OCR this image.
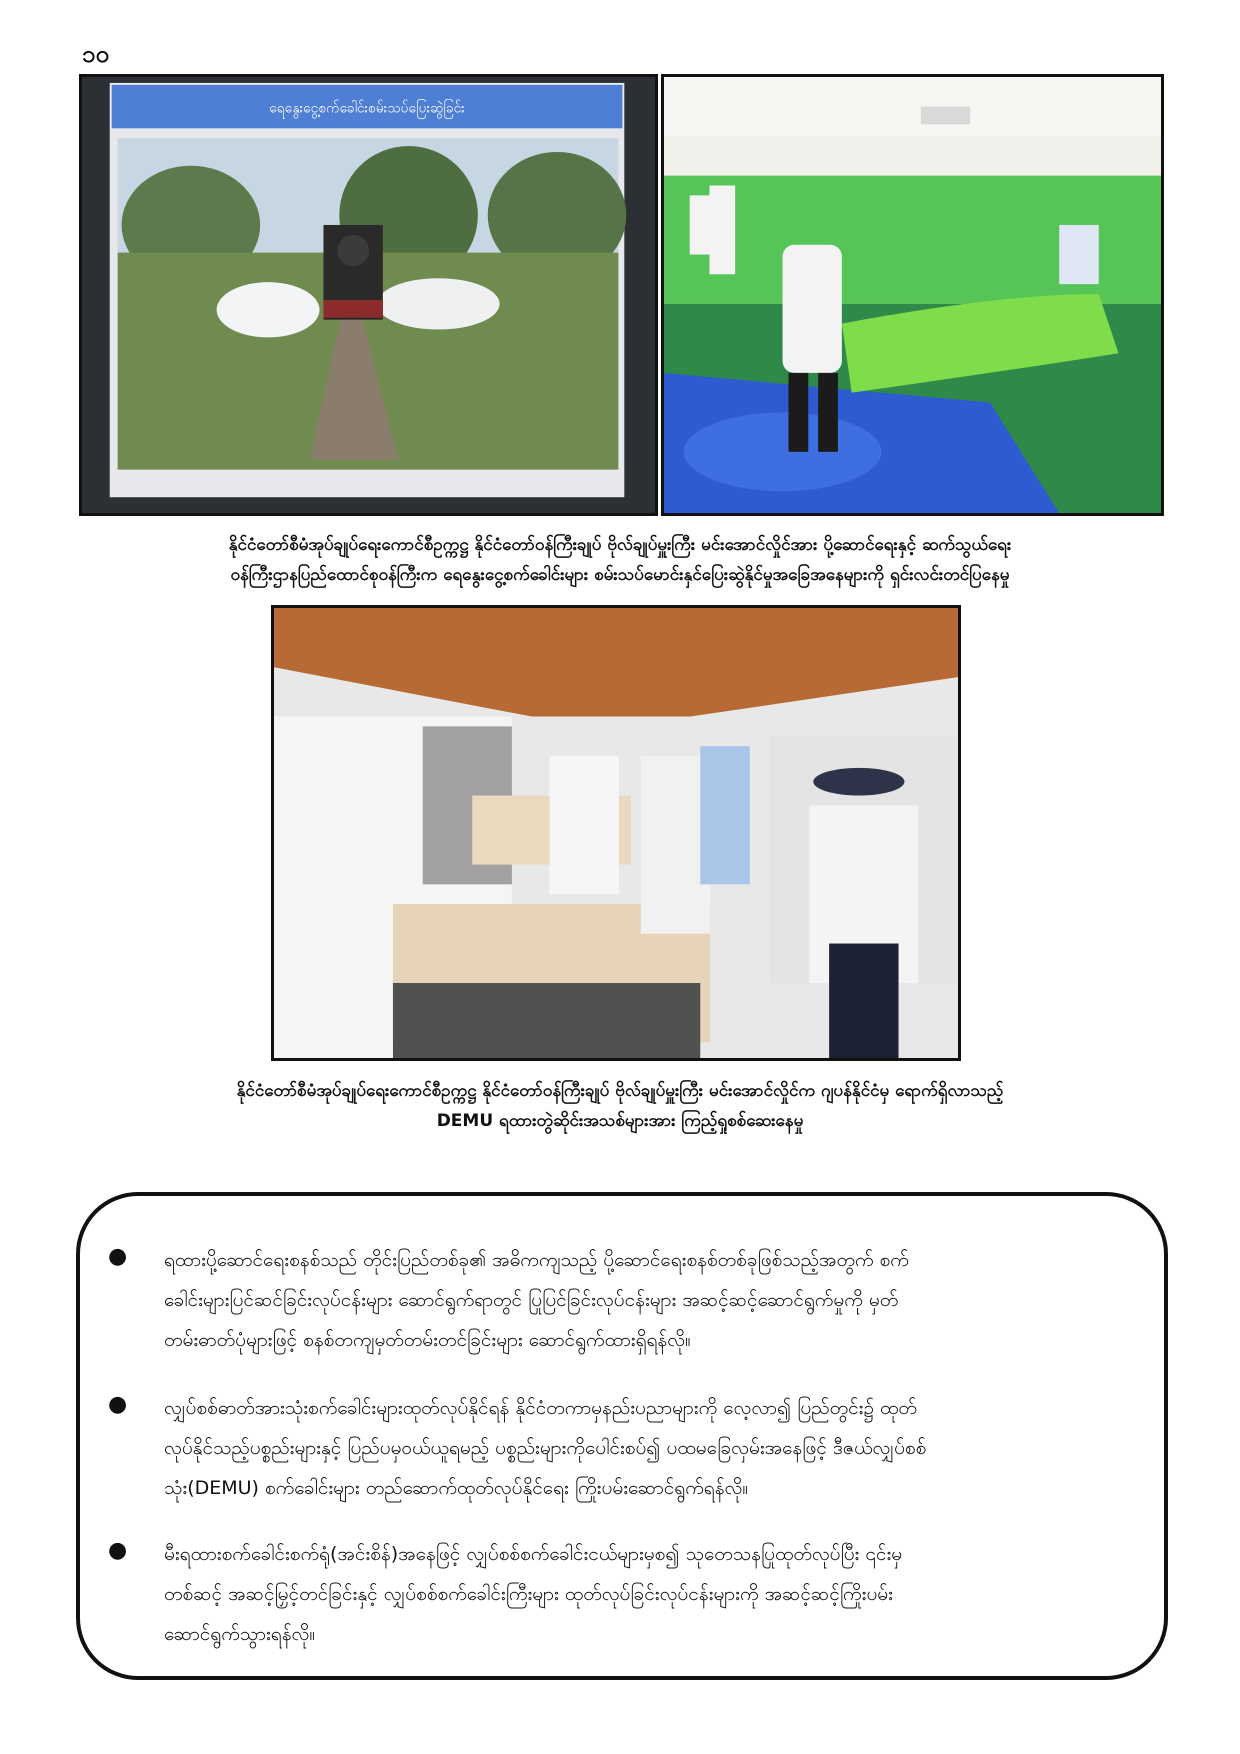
၁၀
ရေနွေးငွေ့စက်ခေါင်းစမ်းသပ်ပြေးဆွဲခြင်း

နိုင်ငံတော်စီမံအုပ်ချုပ်ရေးကောင်စီဥက္ကဋ္ဌ နိုင်ငံတော်ဝန်ကြီးချုပ် ဗိုလ်ချုပ်မှူးကြီး မင်းအောင်လှိုင်အား ပို့ဆောင်ရေးနှင့် ဆက်သွယ်ရေး

ဝန်ကြီးဌာနပြည်ထောင်စုဝန်ကြီးက ရေနွေးငွေ့စက်ခေါင်းများ စမ်းသပ်မောင်းနှင်ပြေးဆွဲနိုင်မှုအခြေအနေများကို ရှင်းလင်းတင်ပြနေမှု

နိုင်ငံတော်စီမံအုပ်ချုပ်ရေးကောင်စီဥက္ကဋ္ဌ နိုင်ငံတော်ဝန်ကြီးချုပ် ဗိုလ်ချုပ်မှူးကြီး မင်းအောင်လှိုင်က ဂျပန်နိုင်ငံမှ ရောက်ရှိလာသည့်

DEMU ရထားတွဲဆိုင်းအသစ်များအား ကြည့်ရှုစစ်ဆေးနေမှု

● ရထားပို့ဆောင်ရေးစနစ်သည် တိုင်းပြည်တစ်ခု၏ အဓိကကျသည့် ပို့ဆောင်ရေးစနစ်တစ်ခုဖြစ်သည့်အတွက် စက်
ခေါင်းများပြင်ဆင်ခြင်းလုပ်ငန်းများ ဆောင်ရွက်ရာတွင် ပြုပြင်ခြင်းလုပ်ငန်းများ အဆင့်ဆင့်ဆောင်ရွက်မှုကို မှတ်
တမ်းဓာတ်ပုံများဖြင့် စနစ်တကျမှတ်တမ်းတင်ခြင်းများ ဆောင်ရွက်ထားရှိရန်လို။
● လျှပ်စစ်ဓာတ်အားသုံးစက်ခေါင်းများထုတ်လုပ်နိုင်ရန် နိုင်ငံတကာမှနည်းပညာများကို လေ့လာ၍ ပြည်တွင်း၌ ထုတ်
လုပ်နိုင်သည့်ပစ္စည်းများနှင့် ပြည်ပမှဝယ်ယူရမည့် ပစ္စည်းများကိုပေါင်းစပ်၍ ပထမခြေလှမ်းအနေဖြင့် ဒီဇယ်လျှပ်စစ်
သုံး(DEMU) စက်ခေါင်းများ တည်ဆောက်ထုတ်လုပ်နိုင်ရေး ကြိုးပမ်းဆောင်ရွက်ရန်လို။
● မီးရထားစက်ခေါင်းစက်ရုံ(အင်းစိန်)အနေဖြင့် လျှပ်စစ်စက်ခေါင်းငယ်များမှစ၍ သုတေသနပြုထုတ်လုပ်ပြီး ၎င်းမှ
တစ်ဆင့် အဆင့်မြှင့်တင်ခြင်းနှင့် လျှပ်စစ်စက်ခေါင်းကြီးများ ထုတ်လုပ်ခြင်းလုပ်ငန်းများကို အဆင့်ဆင့်ကြိုးပမ်း
ဆောင်ရွက်သွားရန်လို။
